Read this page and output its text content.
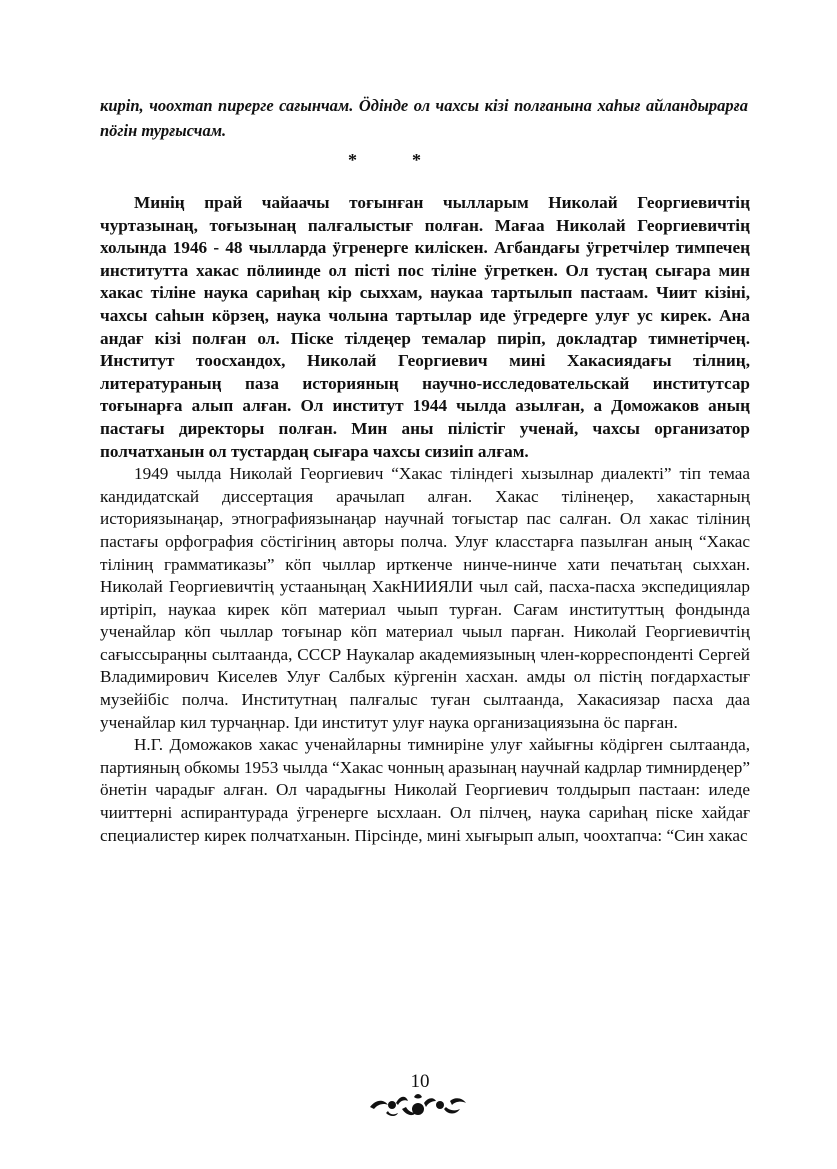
кирiп, чоохтап пирерге сағынчам. Öдiнде ол чахсы кiзi полғанына хаһығ айландырарға пöгiн турғысчам.
*	*

Минiң прай чайаачы тоғынған чылларым Николай Георгиевичтiң чуртазынаң, тоғызынаң палғалыстығ полған. Мағаа Николай Георгиевичтiң холында 1946 - 48 чылларда ÿгренерге килiскен. Агбандағы ÿгретчiлер тимпечең институтта хакас пöлиинде ол пiстi пос тiлiне ÿгреткен. Ол тустаң сығара мин хакас тiлiне наука сариһаң кiр сыххам, наукаа тартылып пастаам. Чиит кiзiнi, чахсы саһын кöрзең, наука чолына тартылар иде ÿгредерге улуғ ус кирек. Ана андағ кiзi полған ол. Пiске тiлдеңер темалар пирiп, докладтар тимнетiрчең. Институт тоосхандох, Николай Георгиевич минi Хакасиядағы тiлниң, литератураның паза историяның научно-исследовательскай институтсар тоғынарға алып алған. Ол институт 1944 чылда азылған, а Доможаков аның пастағы директоры полған. Мин аны пiлiстiг ученай, чахсы организатор полчатханын ол тустардаң сығара чахсы сизиiп алғам.

1949 чылда Николай Георгиевич “Хакас тiлiндегi хызылнар диалектi” тiп темаа кандидатскай диссертация арачылап алған. Хакас тiлiнеңер, хакастарның историязынаңар, этнографиязынаңар научнай тоғыстар пас салған. Ол хакас тiлiниң пастағы орфография сöстiгiниң авторы полча. Улуғ класстарға пазылған аның “Хакас тiлiниң грамматиказы” кöп чыллар ирткенче нинче-нинче хати печатьтаң сыххан. Николай Георгиевичтiң устааныңаң ХакНИИЯЛИ чыл сай, пасха-пасха экспедициялар иртiрiп, наукаа кирек кöп материал чыып турған. Сағам институттың фондында ученайлар кöп чыллар тоғынар кöп материал чыыл парған. Николай Георгиевичтiң сағыссыраңны сылтаанда, СССР Наукалар академиязының член-корреспондентi Сергей Владимирович Киселев Улуғ Салбых кÿргенiн хасхан. амды ол пiстiң поғдархастығ музейiбiс полча. Институтнаң палғалыс туған сылтаанда, Хакасиязар пасха даа ученайлар кил турчаңнар. Iди институт улуғ наука организациязына öс парған.

Н.Г. Доможаков хакас ученайларны тимнирiне улуғ хайығны кöдiрген сылтаанда, партияның обкомы 1953 чылда “Хакас чонның аразынаң научнай кадрлар тимнирдеңер” öнетiн чарадығ алған. Ол чарадығны Николай Георгиевич толдырып пастаан: иледе чииттернi аспирантурада ÿгренерге ысхлаан. Ол пiлчең, наука сариһаң пiске хайдағ специалистер кирек полчатханын. Пiрсiнде, минi хығырып алып, чоохтапча: “Син хакас

10
